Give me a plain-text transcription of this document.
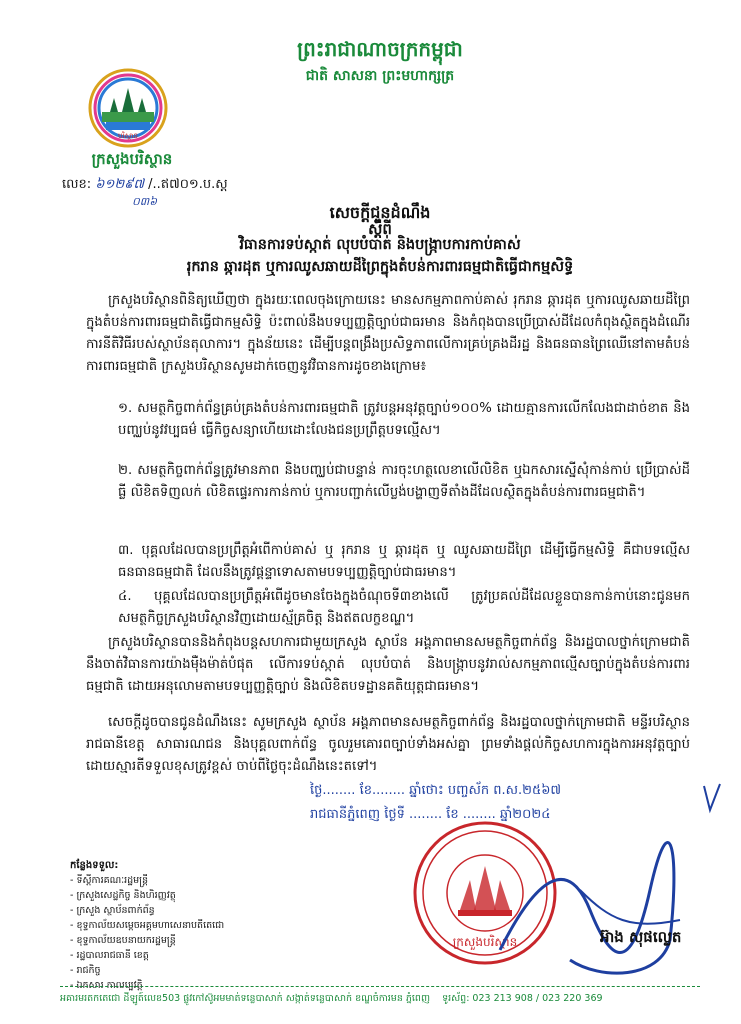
ព្រះរាជាណាចក្រកម្ពុជា
ជាតិ សាសនា ព្រះមហាក្សត្រ
បរិស្ថាន
ក្រសួងបរិស្ថាន
លេខ: ៦១២៩៧ /..ឥ៧០១.ប.ស្ត
០៣៦
សេចក្តីជូនដំណឹង
ស្តីពី
វិធានការទប់ស្កាត់ លុបបំបាត់ និងបង្ក្រាបការកាប់គាស់
រុករាន ឆ្ការដុត ឬការឈូសឆាយដីព្រៃក្នុងតំបន់ការពារធម្មជាតិធ្វើជាកម្មសិទ្ធិ
ក្រសួងបរិស្ថានពិនិត្យឃើញថា ក្នុងរយៈពេលចុងក្រោយនេះ មានសកម្មភាពកាប់គាស់ រុករាន ឆ្ការដុត ឬការឈូសឆាយដីព្រៃក្នុងតំបន់ការពារធម្មជាតិធ្វើជាកម្មសិទ្ធិ ប៉ះពាល់នឹងបទប្បញ្ញត្តិច្បាប់ជាធរមាន និងកំពុងបានប្រើប្រាស់ដីដែលកំពុងស្ថិតក្នុងដំណើរការនីតិវិធីរបស់ស្ថាប័នតុលាការ។ ក្នុងន័យនេះ ដើម្បីបន្តពង្រឹងប្រសិទ្ធភាពលើការគ្រប់គ្រងដីរដ្ឋ និងធនធានព្រៃឈើនៅតាមតំបន់ការពារធម្មជាតិ ក្រសួងបរិស្ថានសូមដាក់ចេញនូវវិធានការដូចខាងក្រោម៖
១. សមត្ថកិច្ចពាក់ព័ន្ធគ្រប់គ្រងតំបន់ការពារធម្មជាតិ ត្រូវបន្តអនុវត្តច្បាប់១០០% ដោយគ្មានការលើកលែងជាដាច់ខាត និងបញ្ឈប់នូវវប្បធម៌ ធ្វើកិច្ចសន្យាហើយដោះលែងជនប្រព្រឹត្តបទល្មើស។
២. សមត្ថកិច្ចពាក់ព័ន្ធត្រូវមានភាព និងបញ្ឈប់ជាបន្ទាន់ ការចុះហត្ថលេខាលើលិខិត ឬឯកសារស្នើសុំកាន់កាប់ ប្រើប្រាស់ដីធ្លី លិខិតទិញលក់ លិខិតផ្ទេរការកាន់កាប់ ឬការបញ្ជាក់លើប្លង់បង្ហាញទីតាំងដីដែលស្ថិតក្នុងតំបន់ការពារធម្មជាតិ។
៣. បុគ្គលដែលបានប្រព្រឹត្តអំពើកាប់គាស់ ឬ រុករាន ឬ ឆ្ការដុត ឬ ឈូសឆាយដីព្រៃ ដើម្បីធ្វើកម្មសិទ្ធិ គឺជាបទល្មើសធនធានធម្មជាតិ ដែលនឹងត្រូវផ្តន្ទាទោសតាមបទប្បញ្ញត្តិច្បាប់ជាធរមាន។
៤. បុគ្គលដែលបានប្រព្រឹត្តអំពើដូចមានចែងក្នុងចំណុចទី៣ខាងលើ ត្រូវប្រគល់ដីដែលខ្លួនបានកាន់កាប់នោះជូនមកសមត្ថកិច្ចក្រសួងបរិស្ថានវិញដោយស្ម័គ្រចិត្ត និងឥតលក្ខខណ្ឌ។
ក្រសួងបរិស្ថានបាននិងកំពុងបន្តសហការជាមួយក្រសួង ស្ថាប័ន អង្គភាពមានសមត្ថកិច្ចពាក់ព័ន្ធ និងរដ្ឋបាលថ្នាក់ក្រោមជាតិ នឹងចាត់វិធានការយ៉ាងម៉ឺងម៉ាត់បំផុត លើការទប់ស្កាត់ លុបបំបាត់ និងបង្ក្រាបនូវរាល់សកម្មភាពល្មើសច្បាប់ក្នុងតំបន់ការពារធម្មជាតិ ដោយអនុលោមតាមបទប្បញ្ញត្តិច្បាប់ និងលិខិតបទដ្ឋានគតិយុត្តជាធរមាន។
សេចក្តីដូចបានជូនដំណឹងនេះ សូមក្រសួង ស្ថាប័ន អង្គភាពមានសមត្ថកិច្ចពាក់ព័ន្ធ និងរដ្ឋបាលថ្នាក់ក្រោមជាតិ មន្ទីរបរិស្ថានរាជធានីខេត្ត សាធារណជន និងបុគ្គលពាក់ព័ន្ធ ចូលរួមគោរពច្បាប់ទាំងអស់គ្នា ព្រមទាំងផ្តល់កិច្ចសហការក្នុងការអនុវត្តច្បាប់ដោយស្មារតីទទួលខុសត្រូវខ្ពស់ ចាប់ពីថ្ងៃចុះដំណឹងនេះតទៅ។
ថ្ងៃ........ ខែ........ ឆ្នាំថោះ បញ្ចស័ក ព.ស.២៥៦៧
រាជធានីភ្នំពេញ ថ្ងៃទី ........ ខែ ........ ឆ្នាំ២០២៤
កន្លែងទទួល:
- ទីស្តីការគណៈរដ្ឋមន្ត្រី
- ក្រសួងសេដ្ឋកិច្ច និងហិរញ្ញវត្ថុ
- ក្រសួង ស្ថាប័នពាក់ព័ន្ធ
- ខុទ្ទកាល័យសម្តេចអគ្គមហាសេនាបតីតេជោ
- ខុទ្ទកាល័យឧបនាយករដ្ឋមន្ត្រី
- រដ្ឋបាលរាជធានី ខេត្ត
- រាជកិច្ច
- ឯកសារ កាលប្បវត្តិ
ក្រសួងបរិស្ថាន	អ៊ាង សុផល្លេត
អគារមរតកតេជោ ដីឡូត៍លេខ503 ផ្លូវកៅស៊ូអមមាត់ទន្លេបាសាក់ សង្កាត់ទន្លេបាសាក់ ខណ្ឌចំការមន ភ្នំពេញ ទូរស័ព្ទ: 023 213 908 / 023 220 369
